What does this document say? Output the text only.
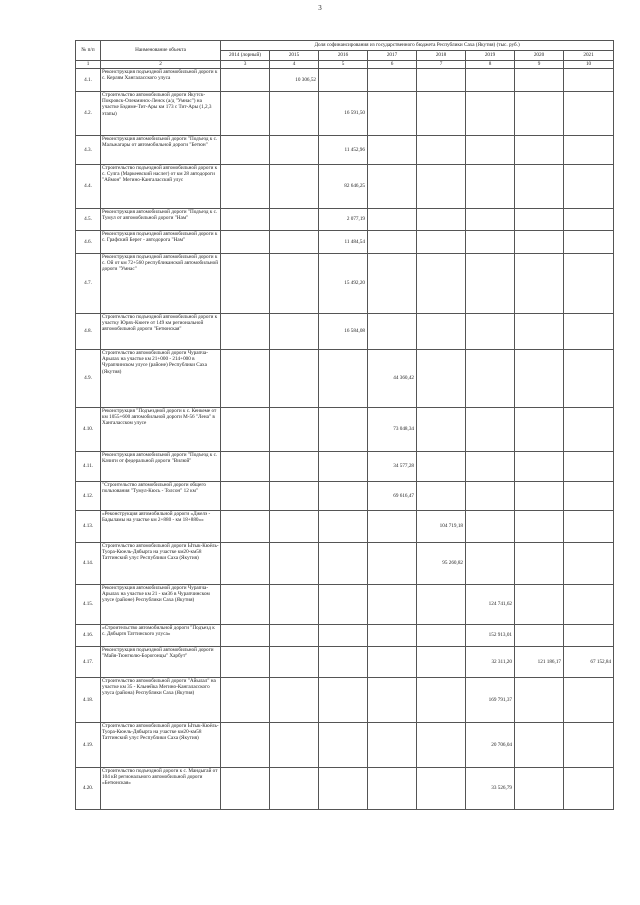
3
№ п/п	Наименование объекта	Доля софинансирования из государственного бюджета Республики Саха (Якутия) (тыс. руб.)							
		2014 (лорный)	2015	2016	2017	2018	2019	2020	2021
1	2	3	4	5	6	7	8	9	10
4.1.	Реконструкция подъездной автомобильной дороги к с. Керлям Хангаласского улуса		10 306,52						
4.2.	Строительство автомобильной дороги Якутск-Покровск-Олекминск-Ленск (а/д "Умнас") на участке Бэдиме-Тит-Ары км 173 с Тит-Ары (1,2,3 этапы)			16 591,50					
4.3.	Реконструкция автомобильной дороги "Подъезд к с. Мальжагары от автомобильной дороги "Бетюн"			11 452,96					
4.4.	Строительство подъездной автомобильной дороги к с. Сулга (Маркеевский наслег) от км 28 автодороги "Аймон" Мегино-Кангаласский улус			82 646,25					
4.5.	Реконструкция автомобильной дороги "Подъезд к с. Тумул от автомобильной дороги "Нам"			2 077,19					
4.6.	Реконструкция подъездной автомобильной дороги к с. Графский Берег - автодорога "Нам"			11 484,54					
4.7.	Реконструкция подъездной автомобильной дороги к с. Ой от км 72+560 республиканской автомобильной дороги "Умнас"			15 492,20					
4.8.	Строительство подъездной автомобильной дороги к участку Юрях-Кюеге от 149 км региональной автомобильной дороги "Бетюнская"			16 584,08					
4.9.	Строительство автомобильной дороги Чурапча-Арылах на участке км 21+000 - 214+000 в Чурапчинском улусе (районе) Республики Саха (Якутия)				44 360,42				
4.10.	Реконструкция "Подъездной дороги к с. Кенкеме от км 1055+600 автомобильной дороги М-56 "Лена" в Хангаласском улусе				73 048,34				
4.11.	Реконструкция автомобильной дороги "Подъезд к с. Качиги от федеральной дороги "Вилюй"				34 577,28				
4.12.	"Строительство автомобильной дороги общего пользования "Тумул-Кюсь - Толсон" 12 км"				69 616,47				
4.13.	«Реконструкция автомобильной дороги «Джелэ - Бадыламы на участке км 2+880 - км 18+880»»					104 719,18			
4.14.	Строительство автомобильной дороги Ытык-Кюёль-Туора-Кюель-Дябырга на участке км20-км58 Таттинский улус Республики Саха (Якутия)					95 260,82			
4.15.	Реконструкция автомобильной дороги Чурапча-Арылах на участке км 21 - км36 в Чурапчинском улусе (районе) Республики Саха (Якутия)						124 741,62		
4.16.	«Строительство автомобильной дороги "Подъезд к с. Дябыргя Таттинского улуса»						152 913,01		
4.17.	Реконструкция подъездной автомобильной дороги "Майя-Тюнгюлю-Борогонцы" Харбут"						32 311,20	121 186,17	67 152,84
4.18.	Строительство автомобильной дороги "Айылал" на участке км 35 - Кльнейка Мегино-Кангаласского улуса (района) Республики Саха (Якутия)						169 791,37		
4.19.	Строительство автомобильной дороги Ытык-Кюёль-Туора-Кюель-Дябырга на участке км20-км58 Таттинский улус Республики Саха (Якутия)						20 706,04		
4.20.	Строительство подъездной дороги к с. Мандыгай от 104 кВ регионального автомобильной дороги «Бетюнская»						33 526,79		
